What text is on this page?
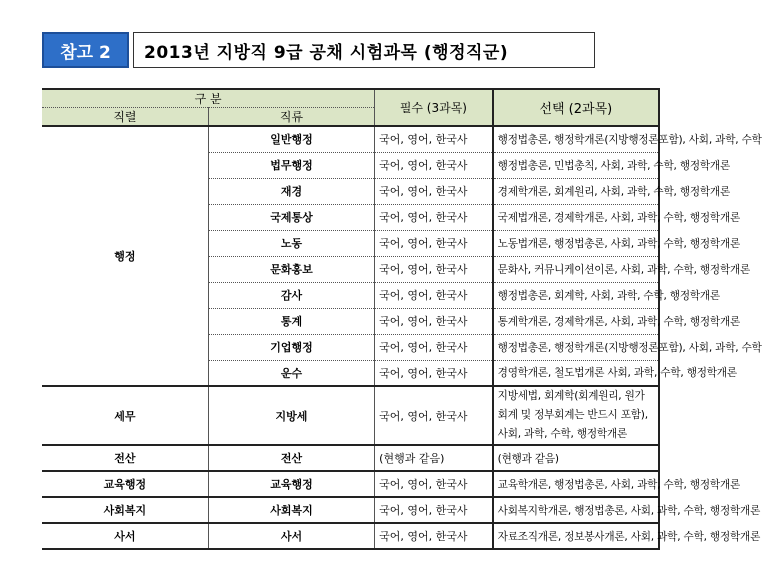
참고 2	2013년 지방직 9급 공채 시험과목 (행정직군)
구 분		필수 (3과목)	선택 (2과목)
직렬	직류		
행정	일반행정	국어, 영어, 한국사	행정법총론, 행정학개론(지방행정론포함), 사회, 과학, 수학
	법무행정	국어, 영어, 한국사	행정법총론, 민법총칙, 사회, 과학, 수학, 행정학개론
	재경	국어, 영어, 한국사	경제학개론, 회계원리, 사회, 과학, 수학, 행정학개론
	국제통상	국어, 영어, 한국사	국제법개론, 경제학개론, 사회, 과학, 수학, 행정학개론
	노동	국어, 영어, 한국사	노동법개론, 행정법총론, 사회, 과학, 수학, 행정학개론
	문화홍보	국어, 영어, 한국사	문화사, 커뮤니케이션이론, 사회, 과학, 수학, 행정학개론
	감사	국어, 영어, 한국사	행정법총론, 회계학, 사회, 과학, 수학, 행정학개론
	통계	국어, 영어, 한국사	통계학개론, 경제학개론, 사회, 과학, 수학, 행정학개론
	기업행정	국어, 영어, 한국사	행정법총론, 행정학개론(지방행정론포함), 사회, 과학, 수학
	운수	국어, 영어, 한국사	경영학개론, 철도법개론 사회, 과학, 수학, 행정학개론
세무	지방세	국어, 영어, 한국사	지방세법, 회계학(회계원리, 원가회계 및 정부회계는 반드시 포함), 사회, 과학, 수학, 행정학개론
전산	전산	(현행과 같음)	(현행과 같음)
교육행정	교육행정	국어, 영어, 한국사	교육학개론, 행정법총론, 사회, 과학, 수학, 행정학개론
사회복지	사회복지	국어, 영어, 한국사	사회복지학개론, 행정법총론, 사회, 과학, 수학, 행정학개론
사서	사서	국어, 영어, 한국사	자료조직개론, 정보봉사개론, 사회, 과학, 수학, 행정학개론
